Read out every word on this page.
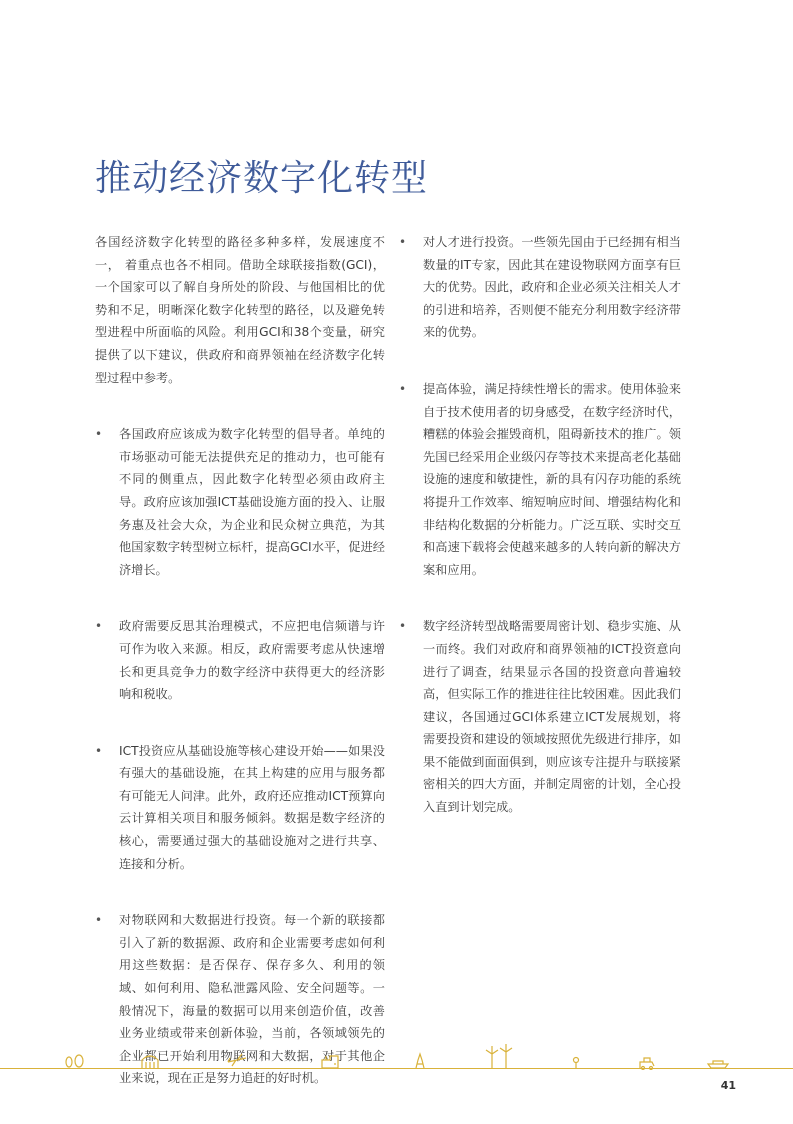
推动经济数字化转型

各国经济数字化转型的路径多种多样，发展速度不一， 着重点也各不相同。借助全球联接指数(GCI)，一个国家可以了解自身所处的阶段、与他国相比的优势和不足，明晰深化数字化转型的路径，以及避免转型进程中所面临的风险。利用GCI和38个变量，研究提供了以下建议，供政府和商界领袖在经济数字化转型过程中参考。

•	各国政府应该成为数字化转型的倡导者。单纯的市场驱动可能无法提供充足的推动力，也可能有不同的侧重点，因此数字化转型必须由政府主导。政府应该加强ICT基础设施方面的投入、让服务惠及社会大众，为企业和民众树立典范，为其他国家数字转型树立标杆，提高GCI水平，促进经济增长。
•	政府需要反思其治理模式，不应把电信频谱与许可作为收入来源。相反，政府需要考虑从快速增长和更具竞争力的数字经济中获得更大的经济影响和税收。
•	ICT投资应从基础设施等核心建设开始——如果没有强大的基础设施，在其上构建的应用与服务都有可能无人问津。此外，政府还应推动ICT预算向云计算相关项目和服务倾斜。数据是数字经济的核心，需要通过强大的基础设施对之进行共享、连接和分析。
•	对物联网和大数据进行投资。每一个新的联接都引入了新的数据源、政府和企业需要考虑如何利用这些数据：是否保存、保存多久、利用的领域、如何利用、隐私泄露风险、安全问题等。一般情况下，海量的数据可以用来创造价值，改善业务业绩或带来创新体验，当前，各领域领先的企业都已开始利用物联网和大数据，对于其他企业来说，现在正是努力追赶的好时机。
•	对人才进行投资。一些领先国由于已经拥有相当数量的IT专家，因此其在建设物联网方面享有巨大的优势。因此，政府和企业必须关注相关人才的引进和培养，否则便不能充分利用数字经济带来的优势。
•	提高体验，满足持续性增长的需求。使用体验来自于技术使用者的切身感受，在数字经济时代，糟糕的体验会摧毁商机，阻碍新技术的推广。领先国已经采用企业级闪存等技术来提高老化基础设施的速度和敏捷性，新的具有闪存功能的系统将提升工作效率、缩短响应时间、增强结构化和非结构化数据的分析能力。广泛互联、实时交互和高速下载将会使越来越多的人转向新的解决方案和应用。
•	数字经济转型战略需要周密计划、稳步实施、从一而终。我们对政府和商界领袖的ICT投资意向进行了调查，结果显示各国的投资意向普遍较高，但实际工作的推进往往比较困难。因此我们建议，各国通过GCI体系建立ICT发展规划，将需要投资和建设的领域按照优先级进行排序，如果不能做到面面俱到，则应该专注提升与联接紧密相关的四大方面，并制定周密的计划，全心投入直到计划完成。
41
